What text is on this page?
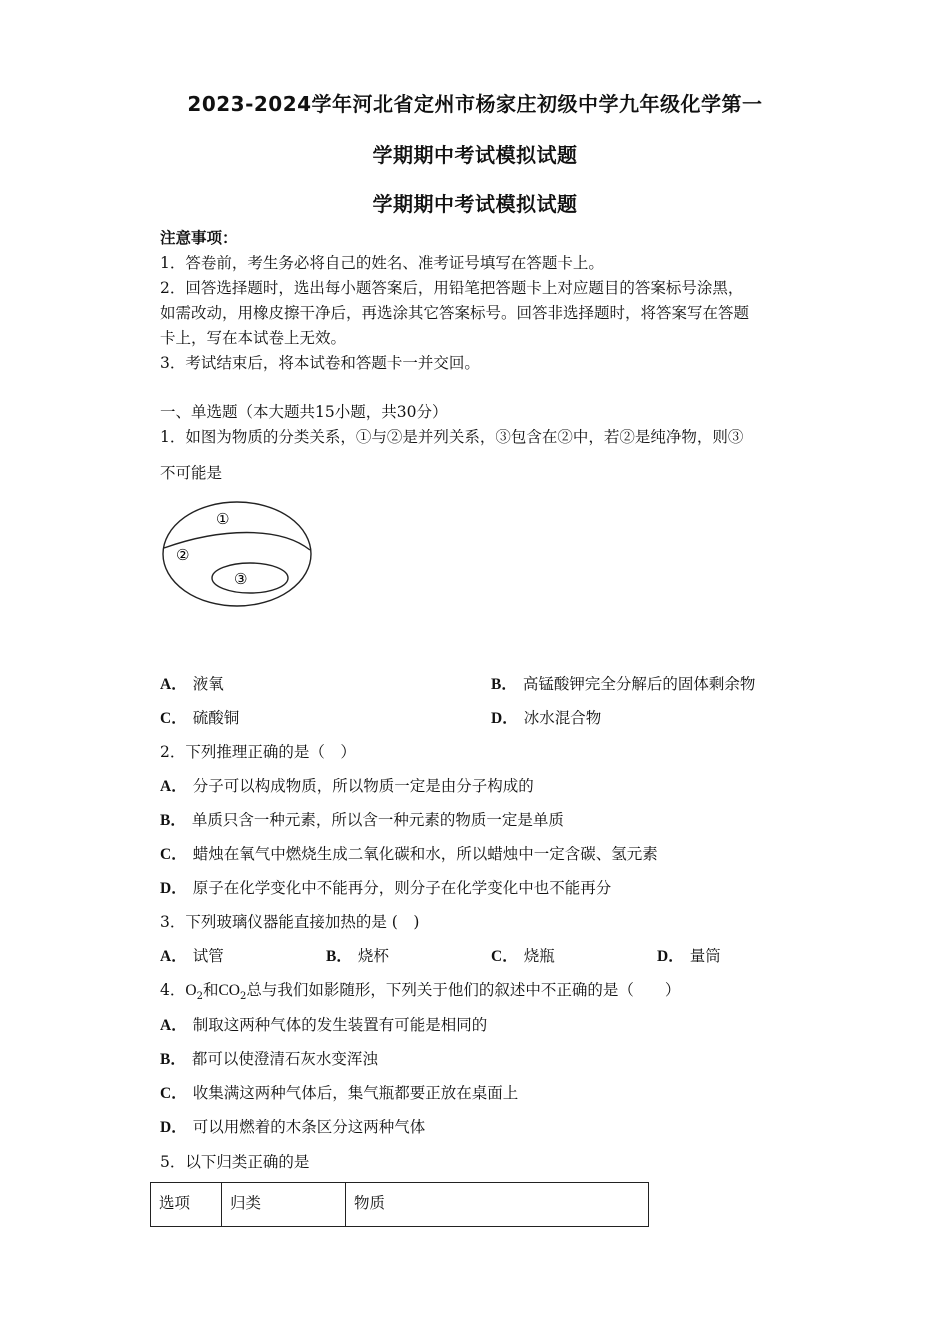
2023-2024学年河北省定州市杨家庄初级中学九年级化学第一
学期期中考试模拟试题
学期期中考试模拟试题
注意事项：
1．答卷前，考生务必将自己的姓名、准考证号填写在答题卡上。
2．回答选择题时，选出每小题答案后，用铅笔把答题卡上对应题目的答案标号涂黑，
如需改动，用橡皮擦干净后，再选涂其它答案标号。回答非选择题时，将答案写在答题
卡上，写在本试卷上无效。
3．考试结束后，将本试卷和答题卡一并交回。
一、单选题（本大题共15小题，共30分）
1．如图为物质的分类关系，①与②是并列关系，③包含在②中，若②是纯净物，则③
不可能是
①
②
③
A． 液氧	B． 高锰酸钾完全分解后的固体剩余物
C． 硫酸铜	D． 冰水混合物
2．下列推理正确的是（　）
A． 分子可以构成物质，所以物质一定是由分子构成的
B． 单质只含一种元素，所以含一种元素的物质一定是单质
C． 蜡烛在氧气中燃烧生成二氧化碳和水，所以蜡烛中一定含碳、氢元素
D． 原子在化学变化中不能再分，则分子在化学变化中也不能再分
3．下列玻璃仪器能直接加热的是 (　)
A． 试管	B． 烧杯	C． 烧瓶	D． 量筒
4．$O_2$和$CO_2$总与我们如影随形，下列关于他们的叙述中不正确的是（　　）
A． 制取这两种气体的发生装置有可能是相同的
B． 都可以使澄清石灰水变浑浊
C． 收集满这两种气体后，集气瓶都要正放在桌面上
D． 可以用燃着的木条区分这两种气体
5．以下归类正确的是
选项	归类	物质
